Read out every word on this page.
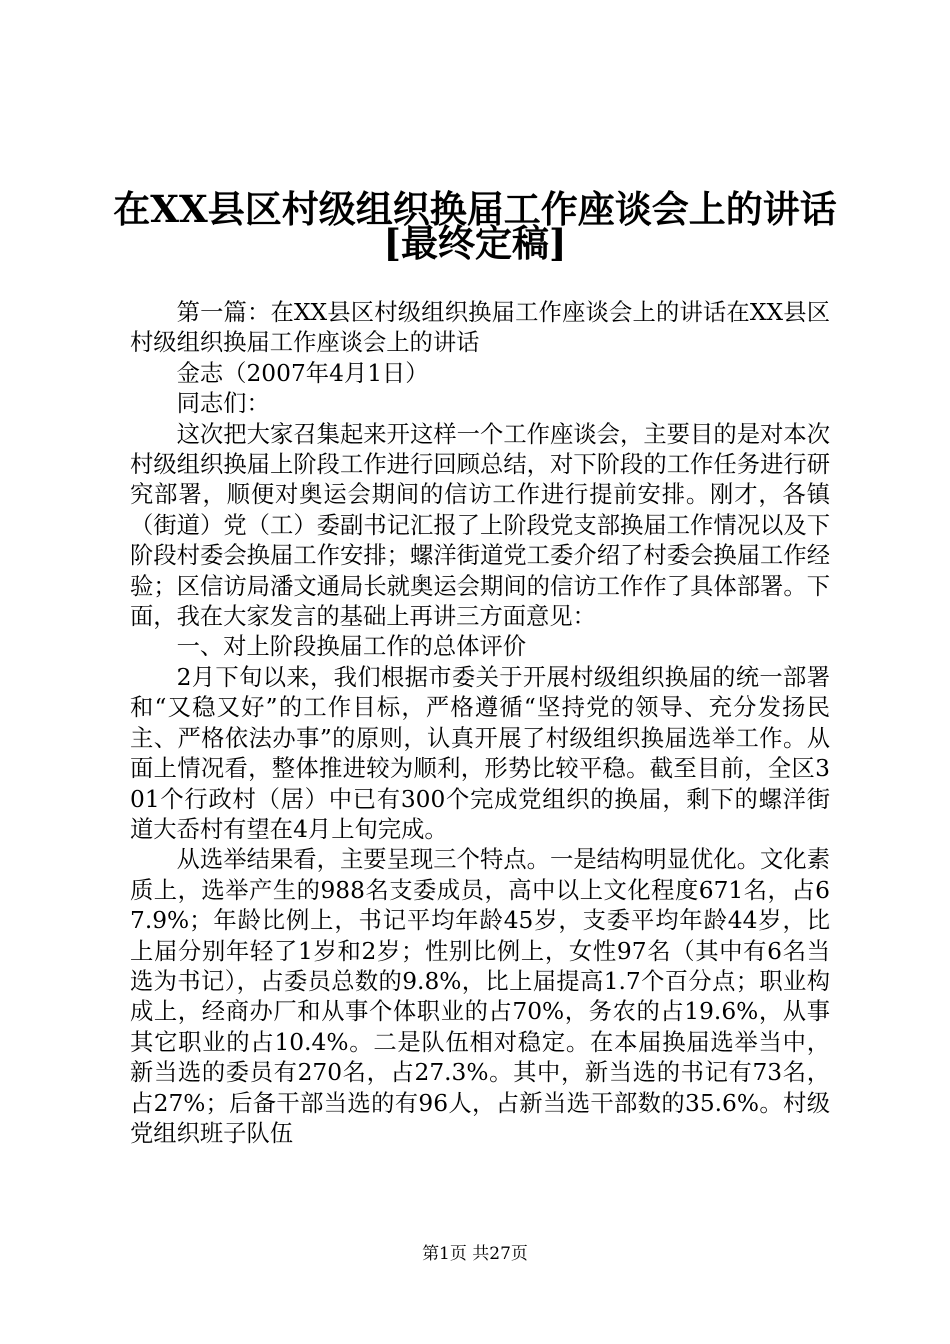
在XX县区村级组织换届工作座谈会上的讲话
[最终定稿]

第一篇：在XX县区村级组织换届工作座谈会上的讲话在XX县区村级组织换届工作座谈会上的讲话

金志（2007年4月1日）

同志们：

这次把大家召集起来开这样一个工作座谈会，主要目的是对本次村级组织换届上阶段工作进行回顾总结，对下阶段的工作任务进行研究部署，顺便对奥运会期间的信访工作进行提前安排。刚才，各镇（街道）党（工）委副书记汇报了上阶段党支部换届工作情况以及下阶段村委会换届工作安排；螺洋街道党工委介绍了村委会换届工作经验；区信访局潘文通局长就奥运会期间的信访工作作了具体部署。下面，我在大家发言的基础上再讲三方面意见：

一、对上阶段换届工作的总体评价

2月下旬以来，我们根据市委关于开展村级组织换届的统一部署和“又稳又好”的工作目标，严格遵循“坚持党的领导、充分发扬民主、严格依法办事”的原则，认真开展了村级组织换届选举工作。从面上情况看，整体推进较为顺利，形势比较平稳。截至目前，全区301个行政村（居）中已有300个完成党组织的换届，剩下的螺洋街道大岙村有望在4月上旬完成。

从选举结果看，主要呈现三个特点。一是结构明显优化。文化素质上，选举产生的988名支委成员，高中以上文化程度671名，占67.9%；年龄比例上，书记平均年龄45岁，支委平均年龄44岁，比上届分别年轻了1岁和2岁；性别比例上，女性97名（其中有6名当选为书记），占委员总数的9.8%，比上届提高1.7个百分点；职业构成上，经商办厂和从事个体职业的占70%，务农的占19.6%，从事其它职业的占10.4%。二是队伍相对稳定。在本届换届选举当中，新当选的委员有270名，占27.3%。其中，新当选的书记有73名，占27%；后备干部当选的有96人，占新当选干部数的35.6%。村级党组织班子队伍

第1页 共27页
